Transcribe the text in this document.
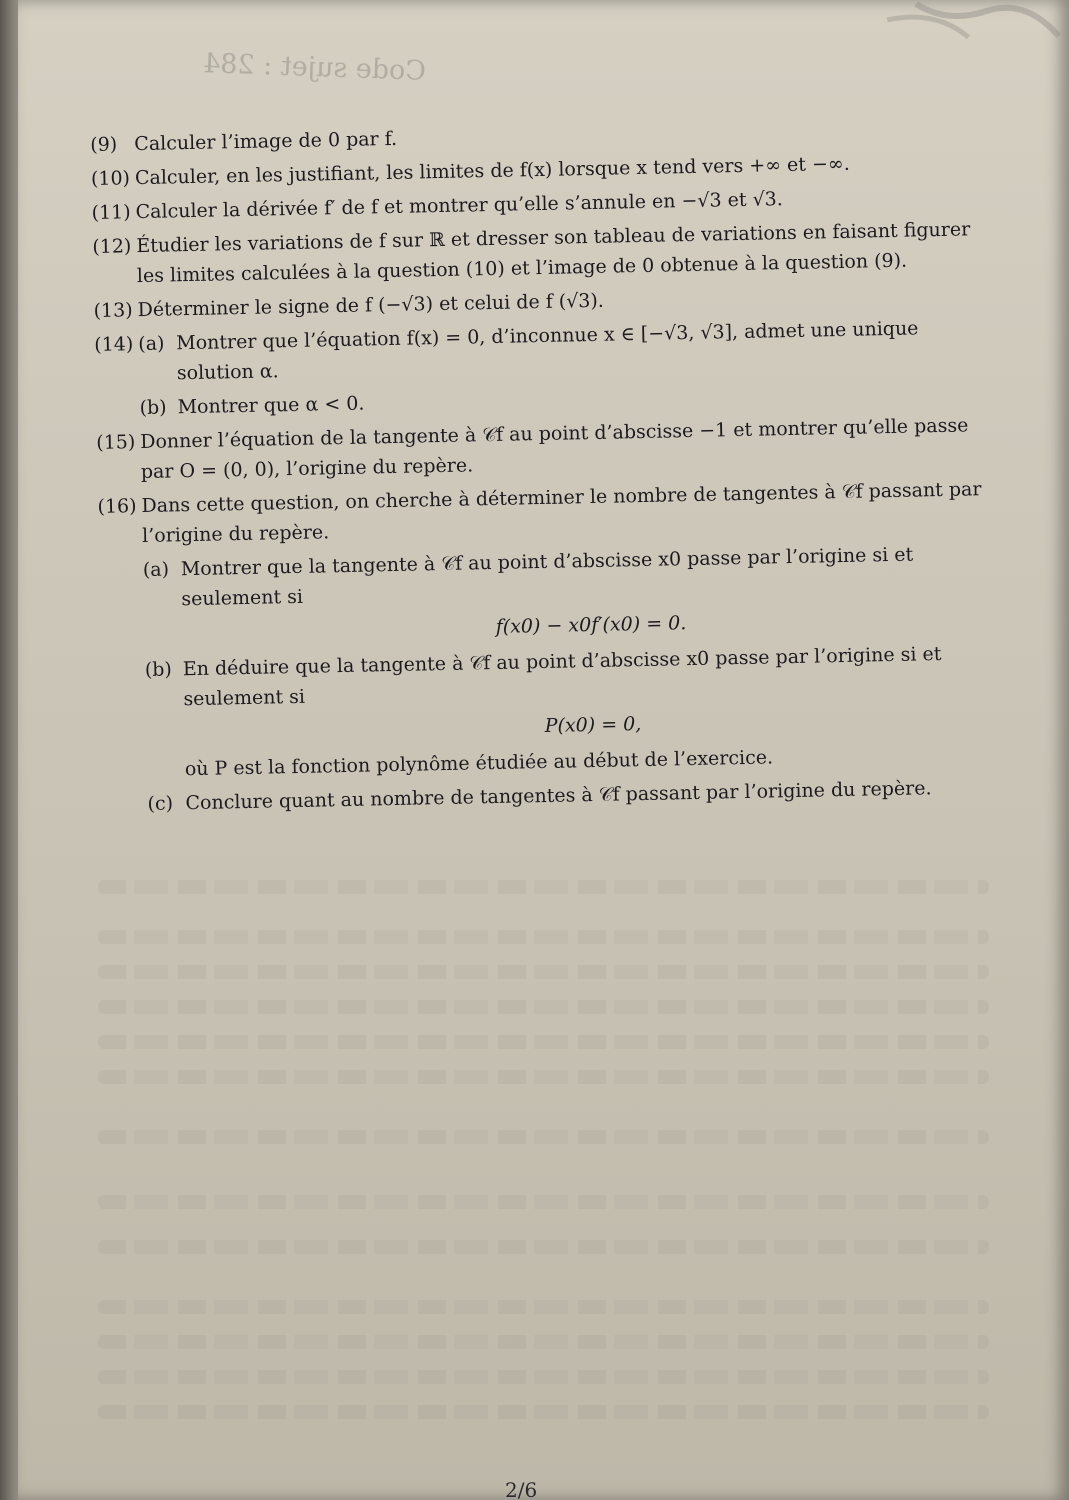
Code sujet : 284
(9) Calculer l’image de 0 par f.
(10) Calculer, en les justifiant, les limites de f(x) lorsque x tend vers +∞ et −∞.
(11) Calculer la dérivée f′ de f et montrer qu’elle s’annule en −√3 et √3.
(12) Étudier les variations de f sur ℝ et dresser son tableau de variations en faisant figurer les limites calculées à la question (10) et l’image de 0 obtenue à la question (9).
(13) Déterminer le signe de f (−√3) et celui de f (√3).
(14) (a) Montrer que l’équation f(x) = 0, d’inconnue x ∈ [−√3, √3], admet une unique solution α.
(b) Montrer que α < 0.
(15) Donner l’équation de la tangente à 𝒞f au point d’abscisse −1 et montrer qu’elle passe par O = (0, 0), l’origine du repère.
(16) Dans cette question, on cherche à déterminer le nombre de tangentes à 𝒞f passant par l’origine du repère.
(a) Montrer que la tangente à 𝒞f au point d’abscisse x0 passe par l’origine si et seulement si
f(x0) − x0f′(x0) = 0.
(b) En déduire que la tangente à 𝒞f au point d’abscisse x0 passe par l’origine si et seulement si
P(x0) = 0,
où P est la fonction polynôme étudiée au début de l’exercice.
(c) Conclure quant au nombre de tangentes à 𝒞f passant par l’origine du repère.
2/6
